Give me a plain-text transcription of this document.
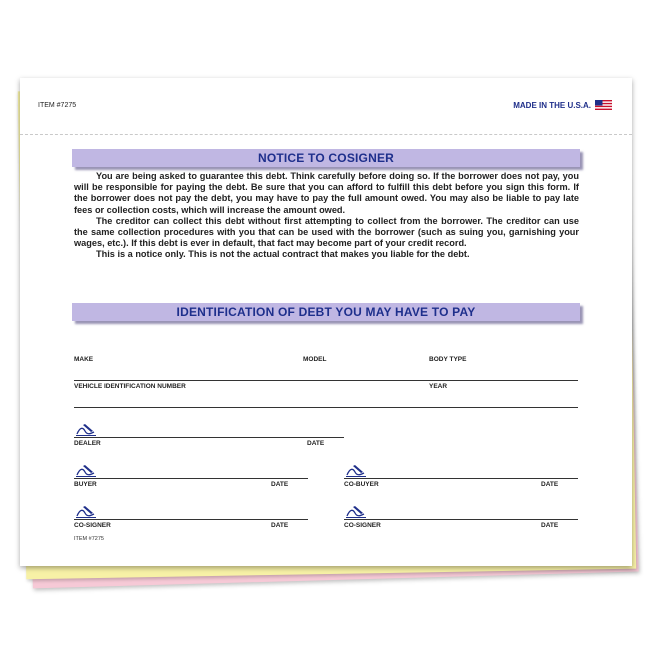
ITEM #7275	MADE IN THE U.S.A.
NOTICE TO COSIGNER

You are being asked to guarantee this debt. Think carefully before doing so. If the borrower does not pay, you will be responsible for paying the debt. Be sure that you can afford to fulfill this debt before you sign this form. If the borrower does not pay the debt, you may have to pay the full amount owed. You may also be liable to pay late fees or collection costs, which will increase the amount owed.

The creditor can collect this debt without first attempting to collect from the borrower. The creditor can use the same collection procedures with you that can be used with the borrower (such as suing you, garnishing your wages, etc.). If this debt is ever in default, that fact may become part of your credit record.

This is a notice only. This is not the actual contract that makes you liable for the debt.

IDENTIFICATION OF DEBT YOU MAY HAVE TO PAY
MAKE	MODEL	BODY TYPE
VEHICLE IDENTIFICATION NUMBER	YEAR
DEALER	DATE
BUYER	DATE	CO-BUYER	DATE
CO-SIGNER	DATE	CO-SIGNER	DATE
ITEM #7275
